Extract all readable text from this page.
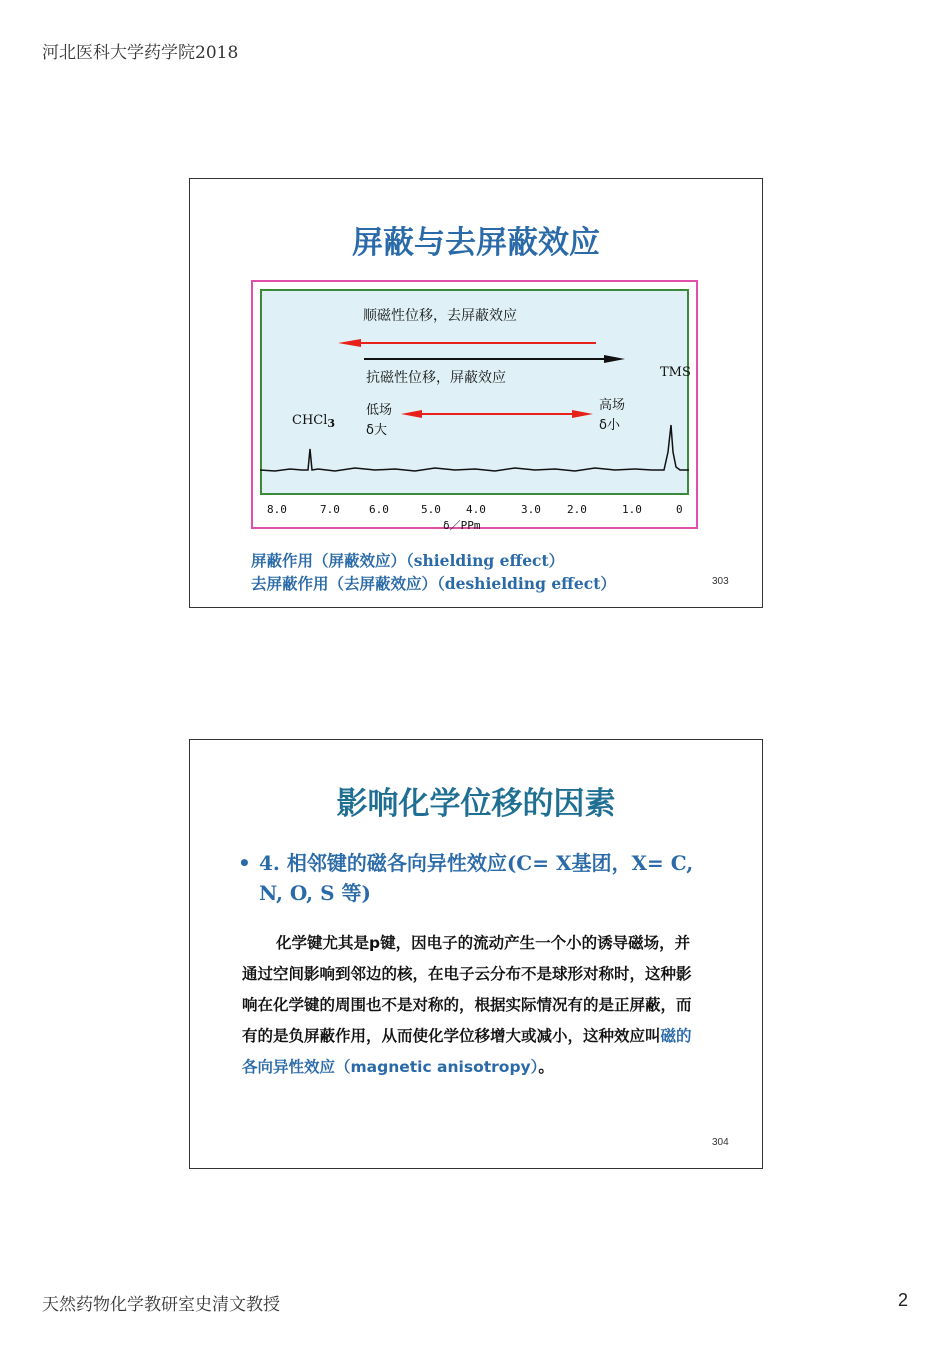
河北医科大学药学院2018
屏蔽与去屏蔽效应
顺磁性位移，去屏蔽效应
抗磁性位移，屏蔽效应	TMS
CHCl$_3$
低场
δ大
高场
δ小
8.0	7.0	6.0	5.0 4.0	3.0 2.0	1.0	0
δ／PPm
屏蔽作用（屏蔽效应）（shielding effect）
去屏蔽作用（去屏蔽效应）（deshielding effect）	303
影响化学位移的因素
• 4. 相邻键的磁各向异性效应(C= X基团，X= C, N, O, S 等)
化学键尤其是p键，因电子的流动产生一个小的诱导磁场，并通过空间影响到邻边的核，在电子云分布不是球形对称时，这种影响在化学键的周围也不是对称的，根据实际情况有的是正屏蔽，而有的是负屏蔽作用，从而使化学位移增大或减小，这种效应叫磁的各向异性效应（magnetic anisotropy）。
304
天然药物化学教研室史清文教授	2
